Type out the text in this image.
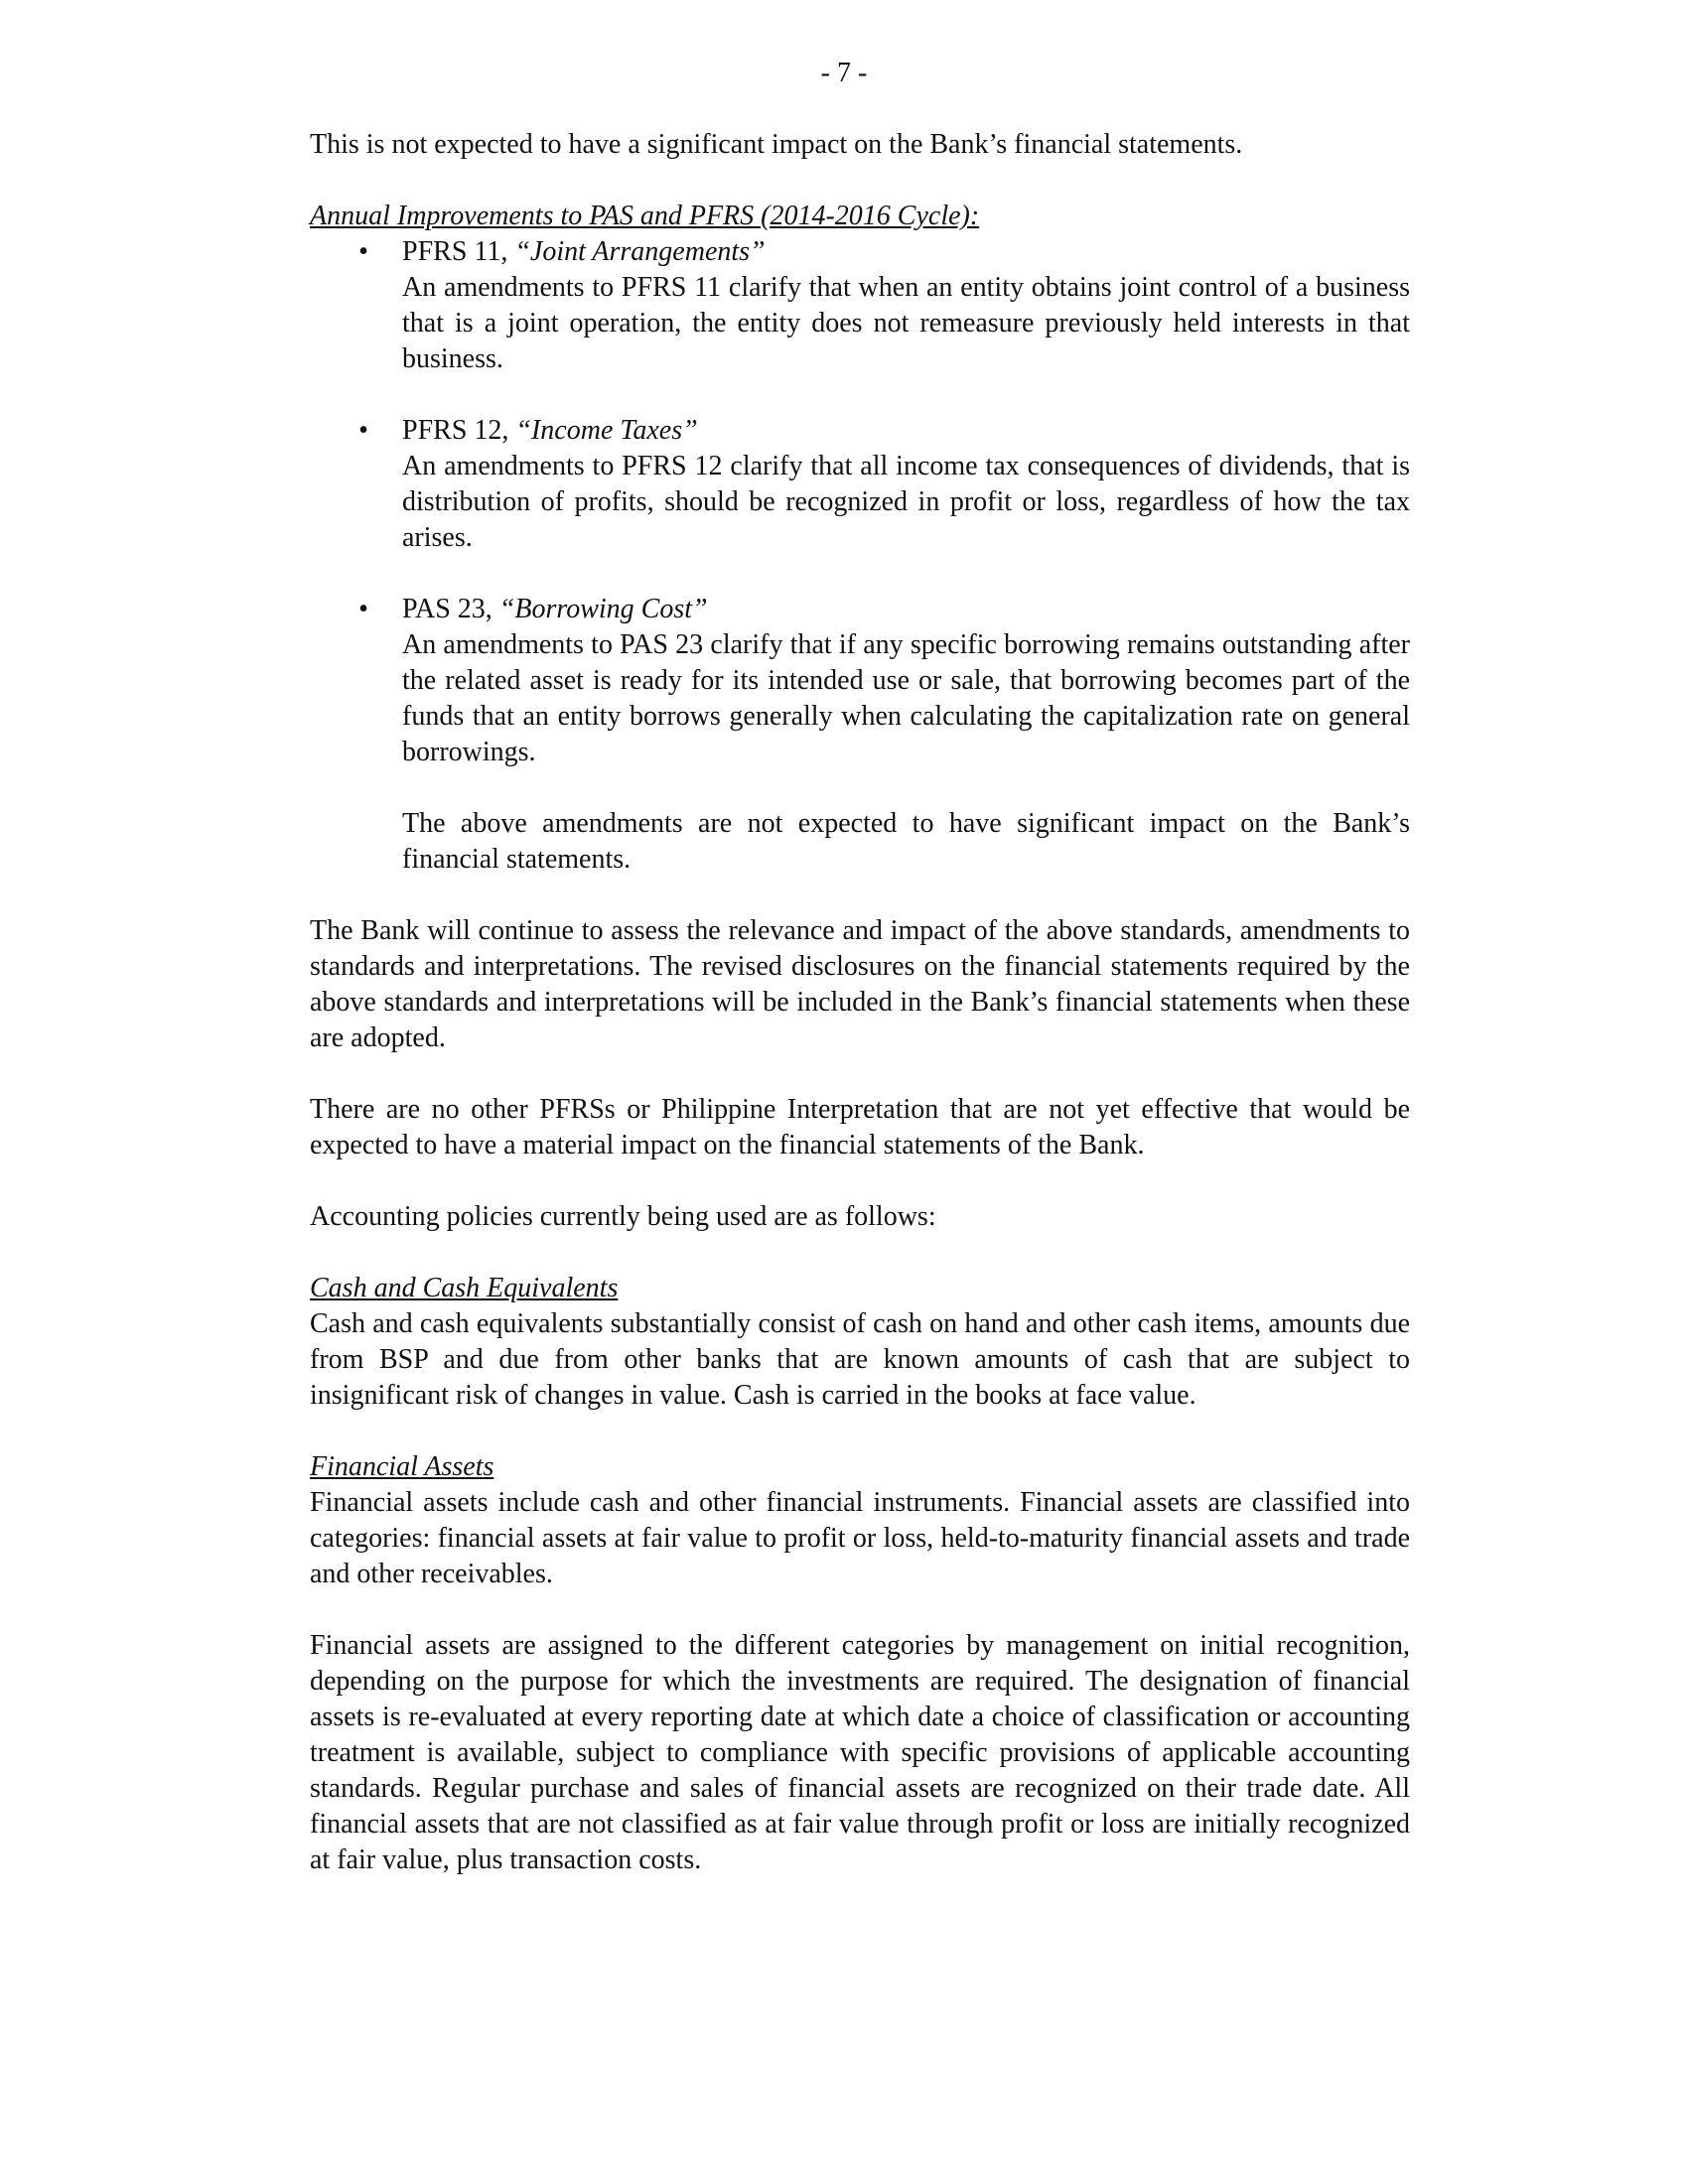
- 7 -

This is not expected to have a significant impact on the Bank’s financial statements.

Annual Improvements to PAS and PFRS (2014-2016 Cycle):
• PFRS 11, “Joint Arrangements”

An amendments to PFRS 11 clarify that when an entity obtains joint control of a business that is a joint operation, the entity does not remeasure previously held interests in that business.

• PFRS 12, “Income Taxes”

An amendments to PFRS 12 clarify that all income tax consequences of dividends, that is distribution of profits, should be recognized in profit or loss, regardless of how the tax arises.

• PAS 23, “Borrowing Cost”

An amendments to PAS 23 clarify that if any specific borrowing remains outstanding after the related asset is ready for its intended use or sale, that borrowing becomes part of the funds that an entity borrows generally when calculating the capitalization rate on general borrowings.

The above amendments are not expected to have significant impact on the Bank’s financial statements.

The Bank will continue to assess the relevance and impact of the above standards, amendments to standards and interpretations. The revised disclosures on the financial statements required by the above standards and interpretations will be included in the Bank’s financial statements when these are adopted.

There are no other PFRSs or Philippine Interpretation that are not yet effective that would be expected to have a material impact on the financial statements of the Bank.

Accounting policies currently being used are as follows:

Cash and Cash Equivalents

Cash and cash equivalents substantially consist of cash on hand and other cash items, amounts due from BSP and due from other banks that are known amounts of cash that are subject to insignificant risk of changes in value. Cash is carried in the books at face value.

Financial Assets

Financial assets include cash and other financial instruments. Financial assets are classified into categories: financial assets at fair value to profit or loss, held-to-maturity financial assets and trade and other receivables.

Financial assets are assigned to the different categories by management on initial recognition, depending on the purpose for which the investments are required. The designation of financial assets is re-evaluated at every reporting date at which date a choice of classification or accounting treatment is available, subject to compliance with specific provisions of applicable accounting standards. Regular purchase and sales of financial assets are recognized on their trade date. All financial assets that are not classified as at fair value through profit or loss are initially recognized at fair value, plus transaction costs.
